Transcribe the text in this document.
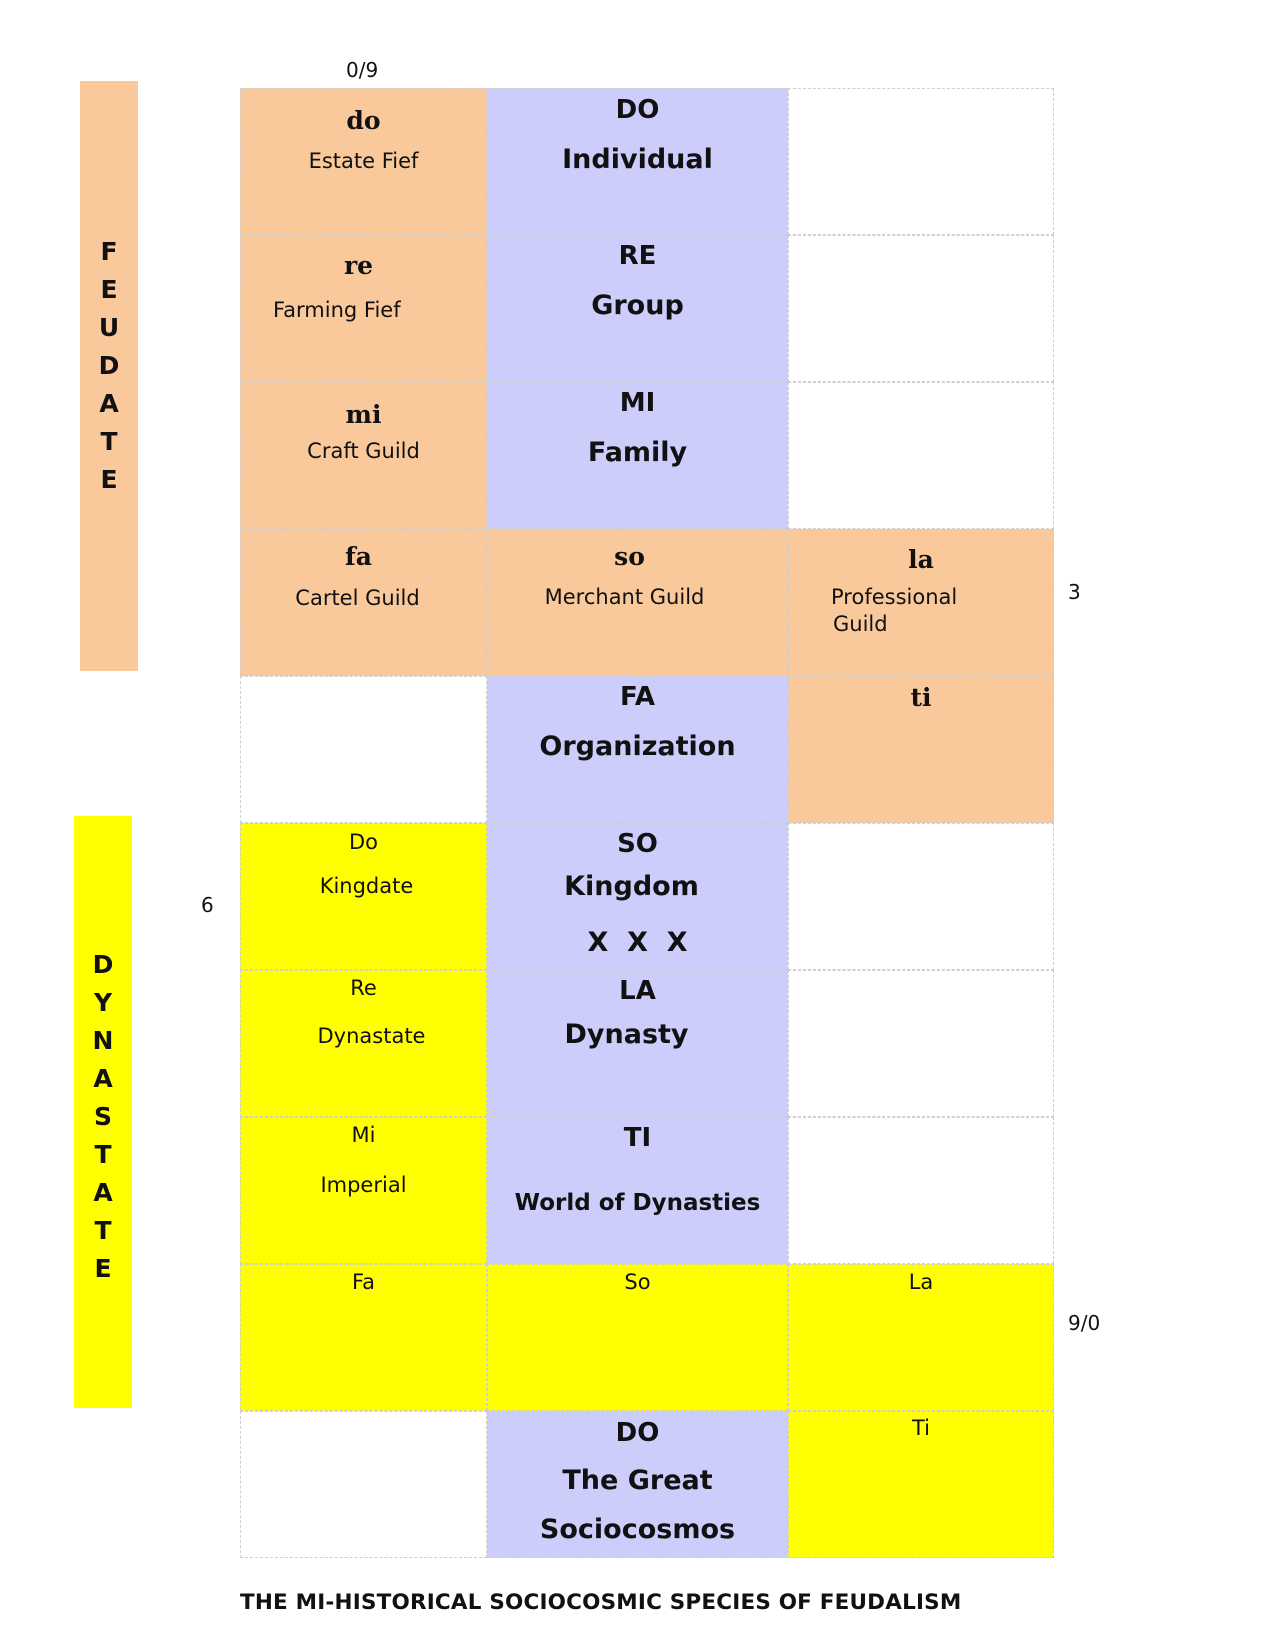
F
E
U
D
A
T
E
D
Y
N
A
S
T
A
T
E
0/9
3
6
9/0
do
Estate Fief
DO
Individual
re
Farming Fief
RE
Group
mi
Craft Guild
MI
Family
fa
Cartel Guild
so
Merchant Guild
la
Professional
Guild
FA
Organization
ti
Do
Kingdate
SO
Kingdom
X  X  X
Re
Dynastate
LA
Dynasty
Mi
Imperial
TI
World of Dynasties
Fa	So	La
DO
The Great
Sociocosmos
Ti
THE MI-HISTORICAL SOCIOCOSMIC SPECIES OF FEUDALISM
